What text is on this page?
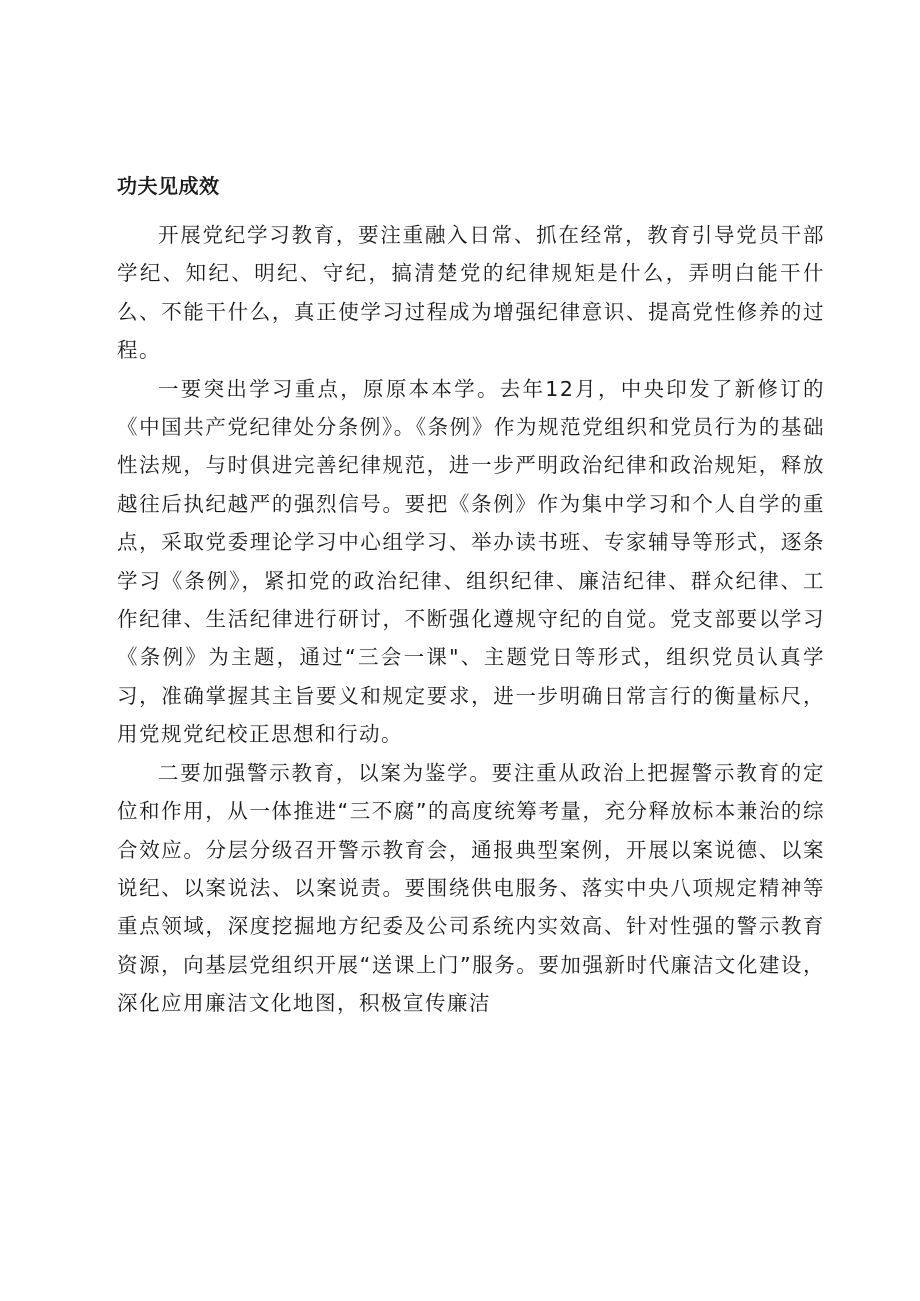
功夫见成效

开展党纪学习教育，要注重融入日常、抓在经常，教育引导党员干部学纪、知纪、明纪、守纪，搞清楚党的纪律规矩是什么，弄明白能干什么、不能干什么，真正使学习过程成为增强纪律意识、提高党性修养的过程。

一要突出学习重点，原原本本学。去年12月，中央印发了新修订的《中国共产党纪律处分条例》。《条例》作为规范党组织和党员行为的基础性法规，与时俱进完善纪律规范，进一步严明政治纪律和政治规矩，释放越往后执纪越严的强烈信号。要把《条例》作为集中学习和个人自学的重点，采取党委理论学习中心组学习、举办读书班、专家辅导等形式，逐条学习《条例》，紧扣党的政治纪律、组织纪律、廉洁纪律、群众纪律、工作纪律、生活纪律进行研讨，不断强化遵规守纪的自觉。党支部要以学习《条例》为主题，通过“三会一课"、主题党日等形式，组织党员认真学习，准确掌握其主旨要义和规定要求，进一步明确日常言行的衡量标尺，用党规党纪校正思想和行动。

二要加强警示教育，以案为鉴学。要注重从政治上把握警示教育的定位和作用，从一体推进“三不腐”的高度统筹考量，充分释放标本兼治的综合效应。分层分级召开警示教育会，通报典型案例，开展以案说德、以案说纪、以案说法、以案说责。要围绕供电服务、落实中央八项规定精神等重点领域，深度挖掘地方纪委及公司系统内实效高、针对性强的警示教育资源，向基层党组织开展“送课上门”服务。要加强新时代廉洁文化建设，深化应用廉洁文化地图，积极宣传廉洁
